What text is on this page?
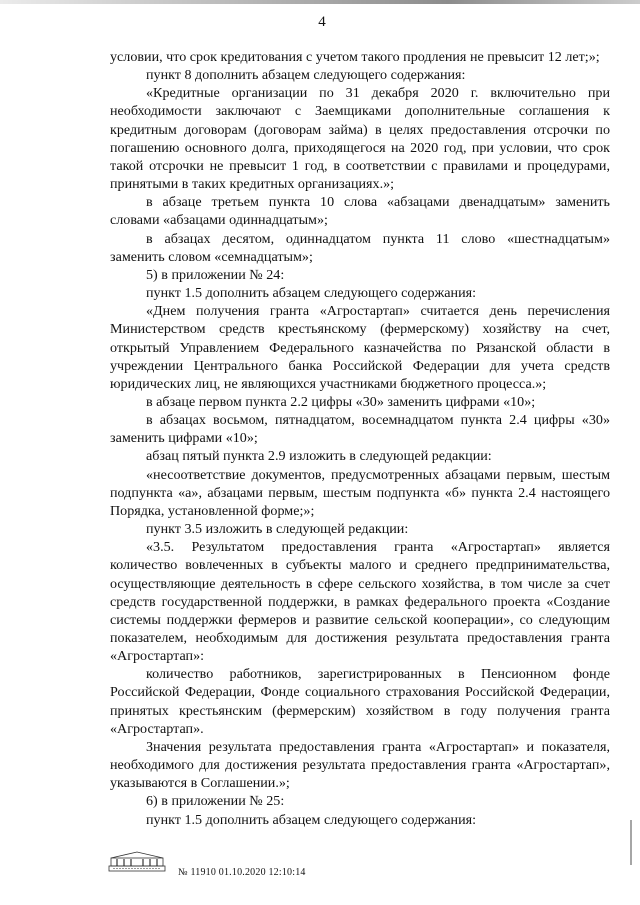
4

условии, что срок кредитования с учетом такого продления не превысит 12 лет;»;

пункт 8 дополнить абзацем следующего содержания:

«Кредитные организации по 31 декабря 2020 г. включительно при необходимости заключают с Заемщиками дополнительные соглашения к кредитным договорам (договорам займа) в целях предоставления отсрочки по погашению основного долга, приходящегося на 2020 год, при условии, что срок такой отсрочки не превысит 1 год, в соответствии с правилами и процедурами, принятыми в таких кредитных организациях.»;

в абзаце третьем пункта 10 слова «абзацами двенадцатым» заменить словами «абзацами одиннадцатым»;

в абзацах десятом, одиннадцатом пункта 11 слово «шестнадцатым» заменить словом «семнадцатым»;

5) в приложении № 24:

пункт 1.5 дополнить абзацем следующего содержания:

«Днем получения гранта «Агростартап» считается день перечисления Министерством средств крестьянскому (фермерскому) хозяйству на счет, открытый Управлением Федерального казначейства по Рязанской области в учреждении Центрального банка Российской Федерации для учета средств юридических лиц, не являющихся участниками бюджетного процесса.»;

в абзаце первом пункта 2.2 цифры «30» заменить цифрами «10»;

в абзацах восьмом, пятнадцатом, восемнадцатом пункта 2.4 цифры «30» заменить цифрами «10»;

абзац пятый пункта 2.9 изложить в следующей редакции:

«несоответствие документов, предусмотренных абзацами первым, шестым подпункта «а», абзацами первым, шестым подпункта «б» пункта 2.4 настоящего Порядка, установленной форме;»;

пункт 3.5 изложить в следующей редакции:

«3.5. Результатом предоставления гранта «Агростартап» является количество вовлеченных в субъекты малого и среднего предпринимательства, осуществляющие деятельность в сфере сельского хозяйства, в том числе за счет средств государственной поддержки, в рамках федерального проекта «Создание системы поддержки фермеров и развитие сельской кооперации», со следующим показателем, необходимым для достижения результата предоставления гранта «Агростартап»:

количество работников, зарегистрированных в Пенсионном фонде Российской Федерации, Фонде социального страхования Российской Федерации, принятых крестьянским (фермерским) хозяйством в году получения гранта «Агростартап».

Значения результата предоставления гранта «Агростартап» и показателя, необходимого для достижения результата предоставления гранта «Агростартап», указываются в Соглашении.»;

6) в приложении № 25:

пункт 1.5 дополнить абзацем следующего содержания:

№ 11910 01.10.2020 12:10:14
